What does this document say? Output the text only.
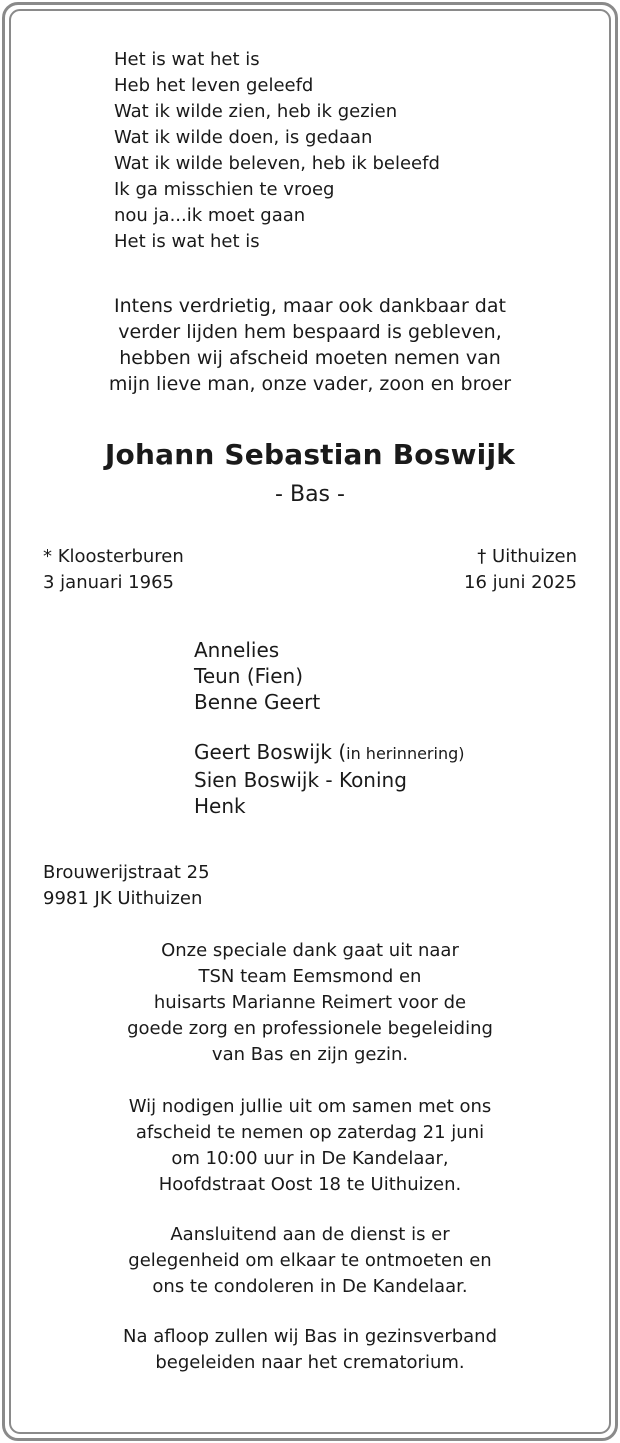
Het is wat het is
Heb het leven geleefd
Wat ik wilde zien, heb ik gezien
Wat ik wilde doen, is gedaan
Wat ik wilde beleven, heb ik beleefd
Ik ga misschien te vroeg
nou ja...ik moet gaan
Het is wat het is
Intens verdrietig, maar ook dankbaar dat
verder lijden hem bespaard is gebleven,
hebben wij afscheid moeten nemen van
mijn lieve man, onze vader, zoon en broer
Johann Sebastian Boswijk
- Bas -
* Kloosterburen
3 januari 1965
† Uithuizen
16 juni 2025
Annelies
Teun (Fien)
Benne Geert
Geert Boswijk (in herinnering)
Sien Boswijk - Koning
Henk
Brouwerijstraat 25
9981 JK Uithuizen
Onze speciale dank gaat uit naar
TSN team Eemsmond en
huisarts Marianne Reimert voor de
goede zorg en professionele begeleiding
van Bas en zijn gezin.
Wij nodigen jullie uit om samen met ons
afscheid te nemen op zaterdag 21 juni
om 10:00 uur in De Kandelaar,
Hoofdstraat Oost 18 te Uithuizen.
Aansluitend aan de dienst is er
gelegenheid om elkaar te ontmoeten en
ons te condoleren in De Kandelaar.
Na afloop zullen wij Bas in gezinsverband
begeleiden naar het crematorium.
